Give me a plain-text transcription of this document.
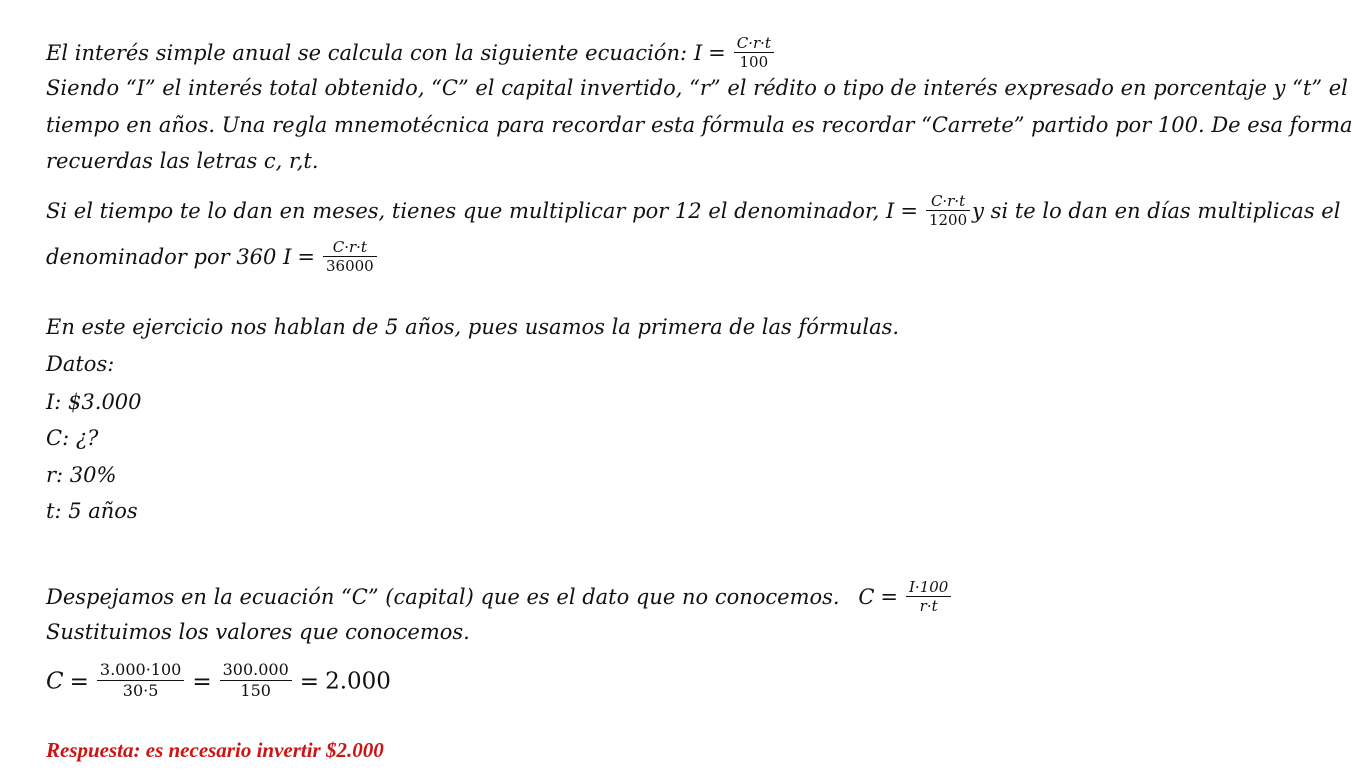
El interés simple anual se calcula con la siguiente ecuación: $I = \frac{C\cdot r\cdot t}{100}$
Siendo “I” el interés total obtenido, “C” el capital invertido, “r” el rédito o tipo de interés expresado en porcentaje y “t” el
tiempo en años. Una regla mnemotécnica para recordar esta fórmula es recordar “Carrete” partido por 100. De esa forma
recuerdas las letras c, r,t.
Si el tiempo te lo dan en meses, tienes que multiplicar por 12 el denominador, $I = \frac{C\cdot r\cdot t}{1200}$ y si te lo dan en días multiplicas el
denominador por 360 $I = \frac{C\cdot r\cdot t}{36000}$
En este ejercicio nos hablan de 5 años, pues usamos la primera de las fórmulas.
Datos:
I: $3.000
C: ¿?
r: 30%
t: 5 años
Despejamos en la ecuación “C” (capital) que es el dato que no conocemos. $C = \frac{I\cdot 100}{r\cdot t}$
Sustituimos los valores que conocemos.
$C = \frac{3.000\cdot 100}{30\cdot 5} = \frac{300.000}{150} = 2.000$
Respuesta: es necesario invertir $2.000
